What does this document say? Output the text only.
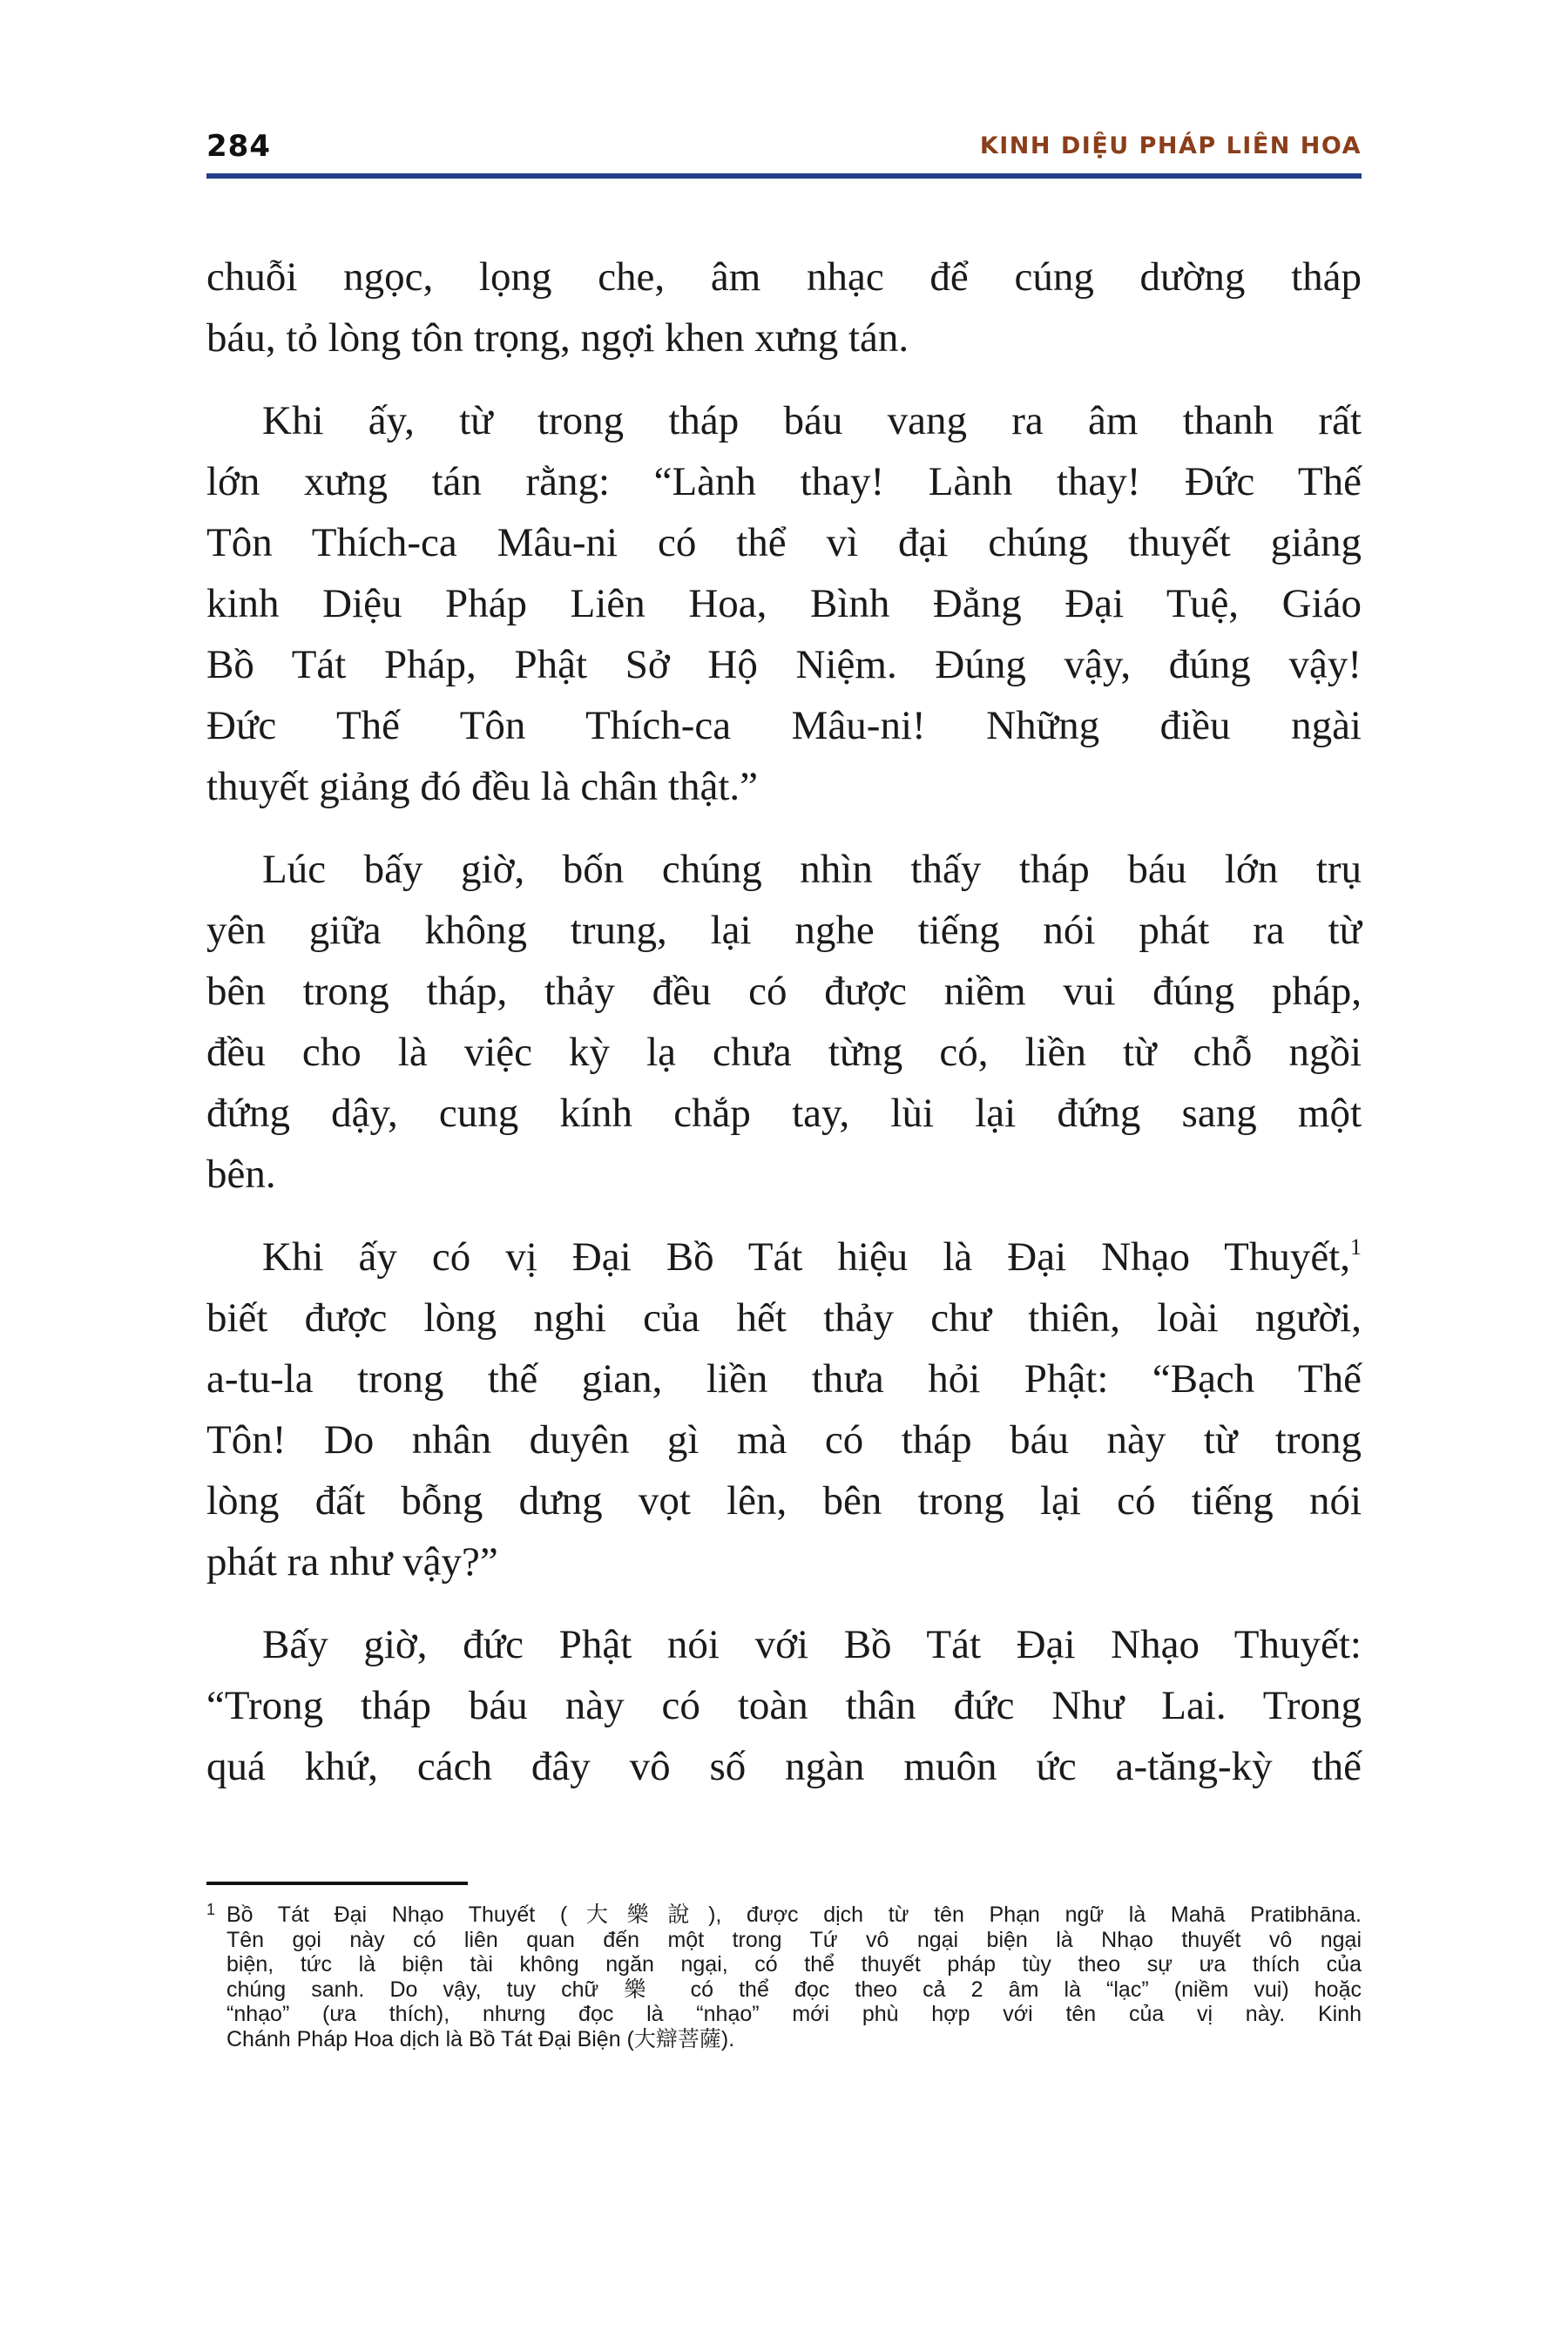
284	KINH DIỆU PHÁP LIÊN HOA
chuỗi ngọc, lọng che, âm nhạc để cúng dường tháp
báu, tỏ lòng tôn trọng, ngợi khen xưng tán.
Khi ấy, từ trong tháp báu vang ra âm thanh rất
lớn xưng tán rằng: “Lành thay! Lành thay! Đức Thế
Tôn Thích-ca Mâu-ni có thể vì đại chúng thuyết giảng
kinh Diệu Pháp Liên Hoa, Bình Đẳng Đại Tuệ, Giáo
Bồ Tát Pháp, Phật Sở Hộ Niệm. Đúng vậy, đúng vậy!
Đức Thế Tôn Thích-ca Mâu-ni! Những điều ngài
thuyết giảng đó đều là chân thật.”
Lúc bấy giờ, bốn chúng nhìn thấy tháp báu lớn trụ
yên giữa không trung, lại nghe tiếng nói phát ra từ
bên trong tháp, thảy đều có được niềm vui đúng pháp,
đều cho là việc kỳ lạ chưa từng có, liền từ chỗ ngồi
đứng dậy, cung kính chắp tay, lùi lại đứng sang một
bên.
Khi ấy có vị Đại Bồ Tát hiệu là Đại Nhạo Thuyết,$^1$
biết được lòng nghi của hết thảy chư thiên, loài người,
a-tu-la trong thế gian, liền thưa hỏi Phật: “Bạch Thế
Tôn! Do nhân duyên gì mà có tháp báu này từ trong
lòng đất bỗng dưng vọt lên, bên trong lại có tiếng nói
phát ra như vậy?”
Bấy giờ, đức Phật nói với Bồ Tát Đại Nhạo Thuyết:
“Trong tháp báu này có toàn thân đức Như Lai. Trong
quá khứ, cách đây vô số ngàn muôn ức a-tăng-kỳ thế
1 Bồ Tát Đại Nhạo Thuyết (大樂說), được dịch từ tên Phạn ngữ là Mahā Pratibhāna.
Tên gọi này có liên quan đến một trong Tứ vô ngại biện là Nhạo thuyết vô ngại
biện, tức là biện tài không ngăn ngại, có thể thuyết pháp tùy theo sự ưa thích của
chúng sanh. Do vậy, tuy chữ 樂 có thể đọc theo cả 2 âm là “lạc” (niềm vui) hoặc
“nhạo” (ưa thích), nhưng đọc là “nhạo” mới phù hợp với tên của vị này. Kinh
Chánh Pháp Hoa dịch là Bồ Tát Đại Biện (大辯菩薩).
